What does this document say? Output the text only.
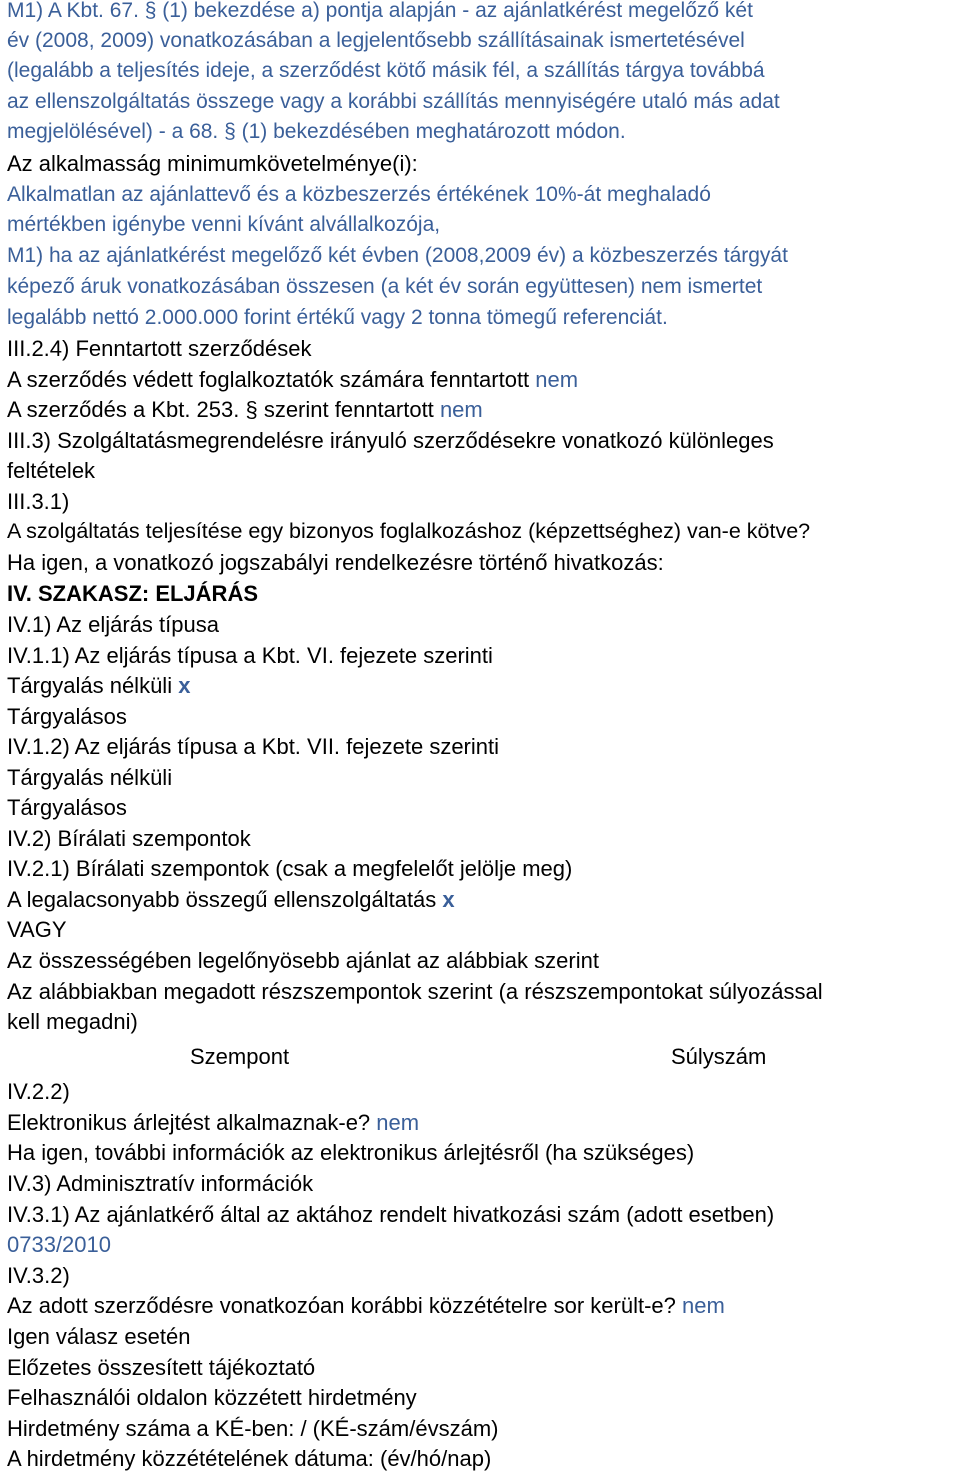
M1) A Kbt. 67. § (1) bekezdése a) pontja alapján - az ajánlatkérést megelőző két
év (2008, 2009) vonatkozásában a legjelentősebb szállításainak ismertetésével
(legalább a teljesítés ideje, a szerződést kötő másik fél, a szállítás tárgya továbbá
az ellenszolgáltatás összege vagy a korábbi szállítás mennyiségére utaló más adat
megjelölésével) - a 68. § (1) bekezdésében meghatározott módon.
Az alkalmasság minimumkövetelménye(i):
Alkalmatlan az ajánlattevő és a közbeszerzés értékének 10%-át meghaladó
mértékben igénybe venni kívánt alvállalkozója,
M1) ha az ajánlatkérést megelőző két évben (2008,2009 év) a közbeszerzés tárgyát
képező áruk vonatkozásában összesen (a két év során együttesen) nem ismertet
legalább nettó 2.000.000 forint értékű vagy 2 tonna tömegű referenciát.
III.2.4) Fenntartott szerződések
A szerződés védett foglalkoztatók számára fenntartott nem
A szerződés a Kbt. 253. § szerint fenntartott nem
III.3) Szolgáltatásmegrendelésre irányuló szerződésekre vonatkozó különleges
feltételek
III.3.1)
A szolgáltatás teljesítése egy bizonyos foglalkozáshoz (képzettséghez) van-e kötve?
Ha igen, a vonatkozó jogszabályi rendelkezésre történő hivatkozás:
IV. SZAKASZ: ELJÁRÁS
IV.1) Az eljárás típusa
IV.1.1) Az eljárás típusa a Kbt. VI. fejezete szerinti
Tárgyalás nélküli x
Tárgyalásos
IV.1.2) Az eljárás típusa a Kbt. VII. fejezete szerinti
Tárgyalás nélküli
Tárgyalásos
IV.2) Bírálati szempontok
IV.2.1) Bírálati szempontok (csak a megfelelőt jelölje meg)
A legalacsonyabb összegű ellenszolgáltatás x
VAGY
Az összességében legelőnyösebb ajánlat az alábbiak szerint
Az alábbiakban megadott részszempontok szerint (a részszempontokat súlyozással
kell megadni)
Szempont	Súlyszám
IV.2.2)
Elektronikus árlejtést alkalmaznak-e? nem
Ha igen, további információk az elektronikus árlejtésről (ha szükséges)
IV.3) Adminisztratív információk
IV.3.1) Az ajánlatkérő által az aktához rendelt hivatkozási szám (adott esetben)
0733/2010
IV.3.2)
Az adott szerződésre vonatkozóan korábbi közzétételre sor került-e? nem
Igen válasz esetén
Előzetes összesített tájékoztató
Felhasználói oldalon közzétett hirdetmény
Hirdetmény száma a KÉ-ben: / (KÉ-szám/évszám)
A hirdetmény közzétételének dátuma: (év/hó/nap)
